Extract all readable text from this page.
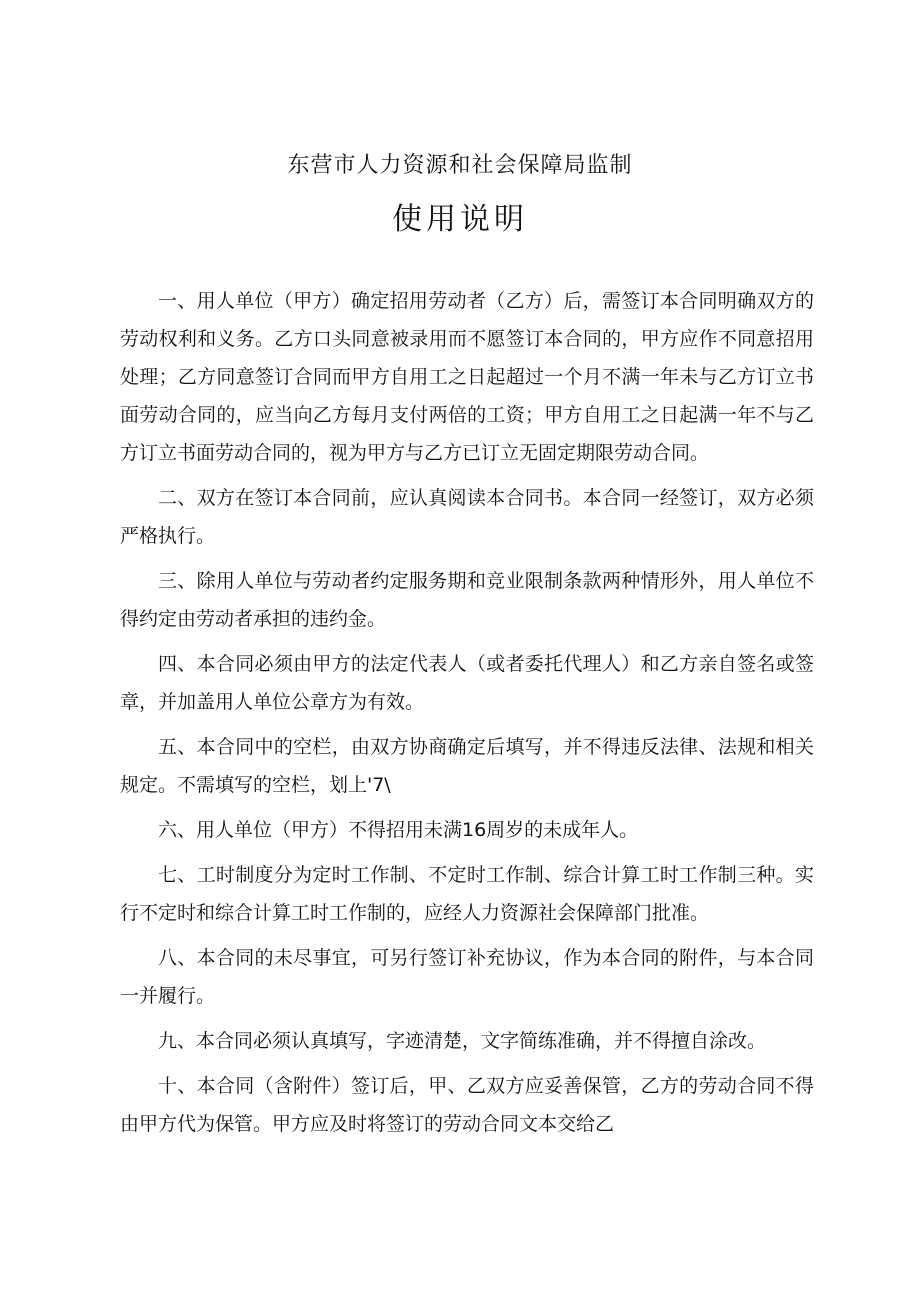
东营市人力资源和社会保障局监制
使用说明

一、用人单位（甲方）确定招用劳动者（乙方）后，需签订本合同明确双方的劳动权利和义务。乙方口头同意被录用而不愿签订本合同的，甲方应作不同意招用处理；乙方同意签订合同而甲方自用工之日起超过一个月不满一年未与乙方订立书面劳动合同的，应当向乙方每月支付两倍的工资；甲方自用工之日起满一年不与乙方订立书面劳动合同的，视为甲方与乙方已订立无固定期限劳动合同。

二、双方在签订本合同前，应认真阅读本合同书。本合同一经签订，双方必须严格执行。

三、除用人单位与劳动者约定服务期和竞业限制条款两种情形外，用人单位不得约定由劳动者承担的违约金。

四、本合同必须由甲方的法定代表人（或者委托代理人）和乙方亲自签名或签章，并加盖用人单位公章方为有效。

五、本合同中的空栏，由双方协商确定后填写，并不得违反法律、法规和相关规定。不需填写的空栏，划上'7\

六、用人单位（甲方）不得招用未满16周岁的未成年人。

七、工时制度分为定时工作制、不定时工作制、综合计算工时工作制三种。实行不定时和综合计算工时工作制的，应经人力资源社会保障部门批准。

八、本合同的未尽事宜，可另行签订补充协议，作为本合同的附件，与本合同一并履行。

九、本合同必须认真填写，字迹清楚，文字简练准确，并不得擅自涂改。

十、本合同（含附件）签订后，甲、乙双方应妥善保管，乙方的劳动合同不得由甲方代为保管。甲方应及时将签订的劳动合同文本交给乙
